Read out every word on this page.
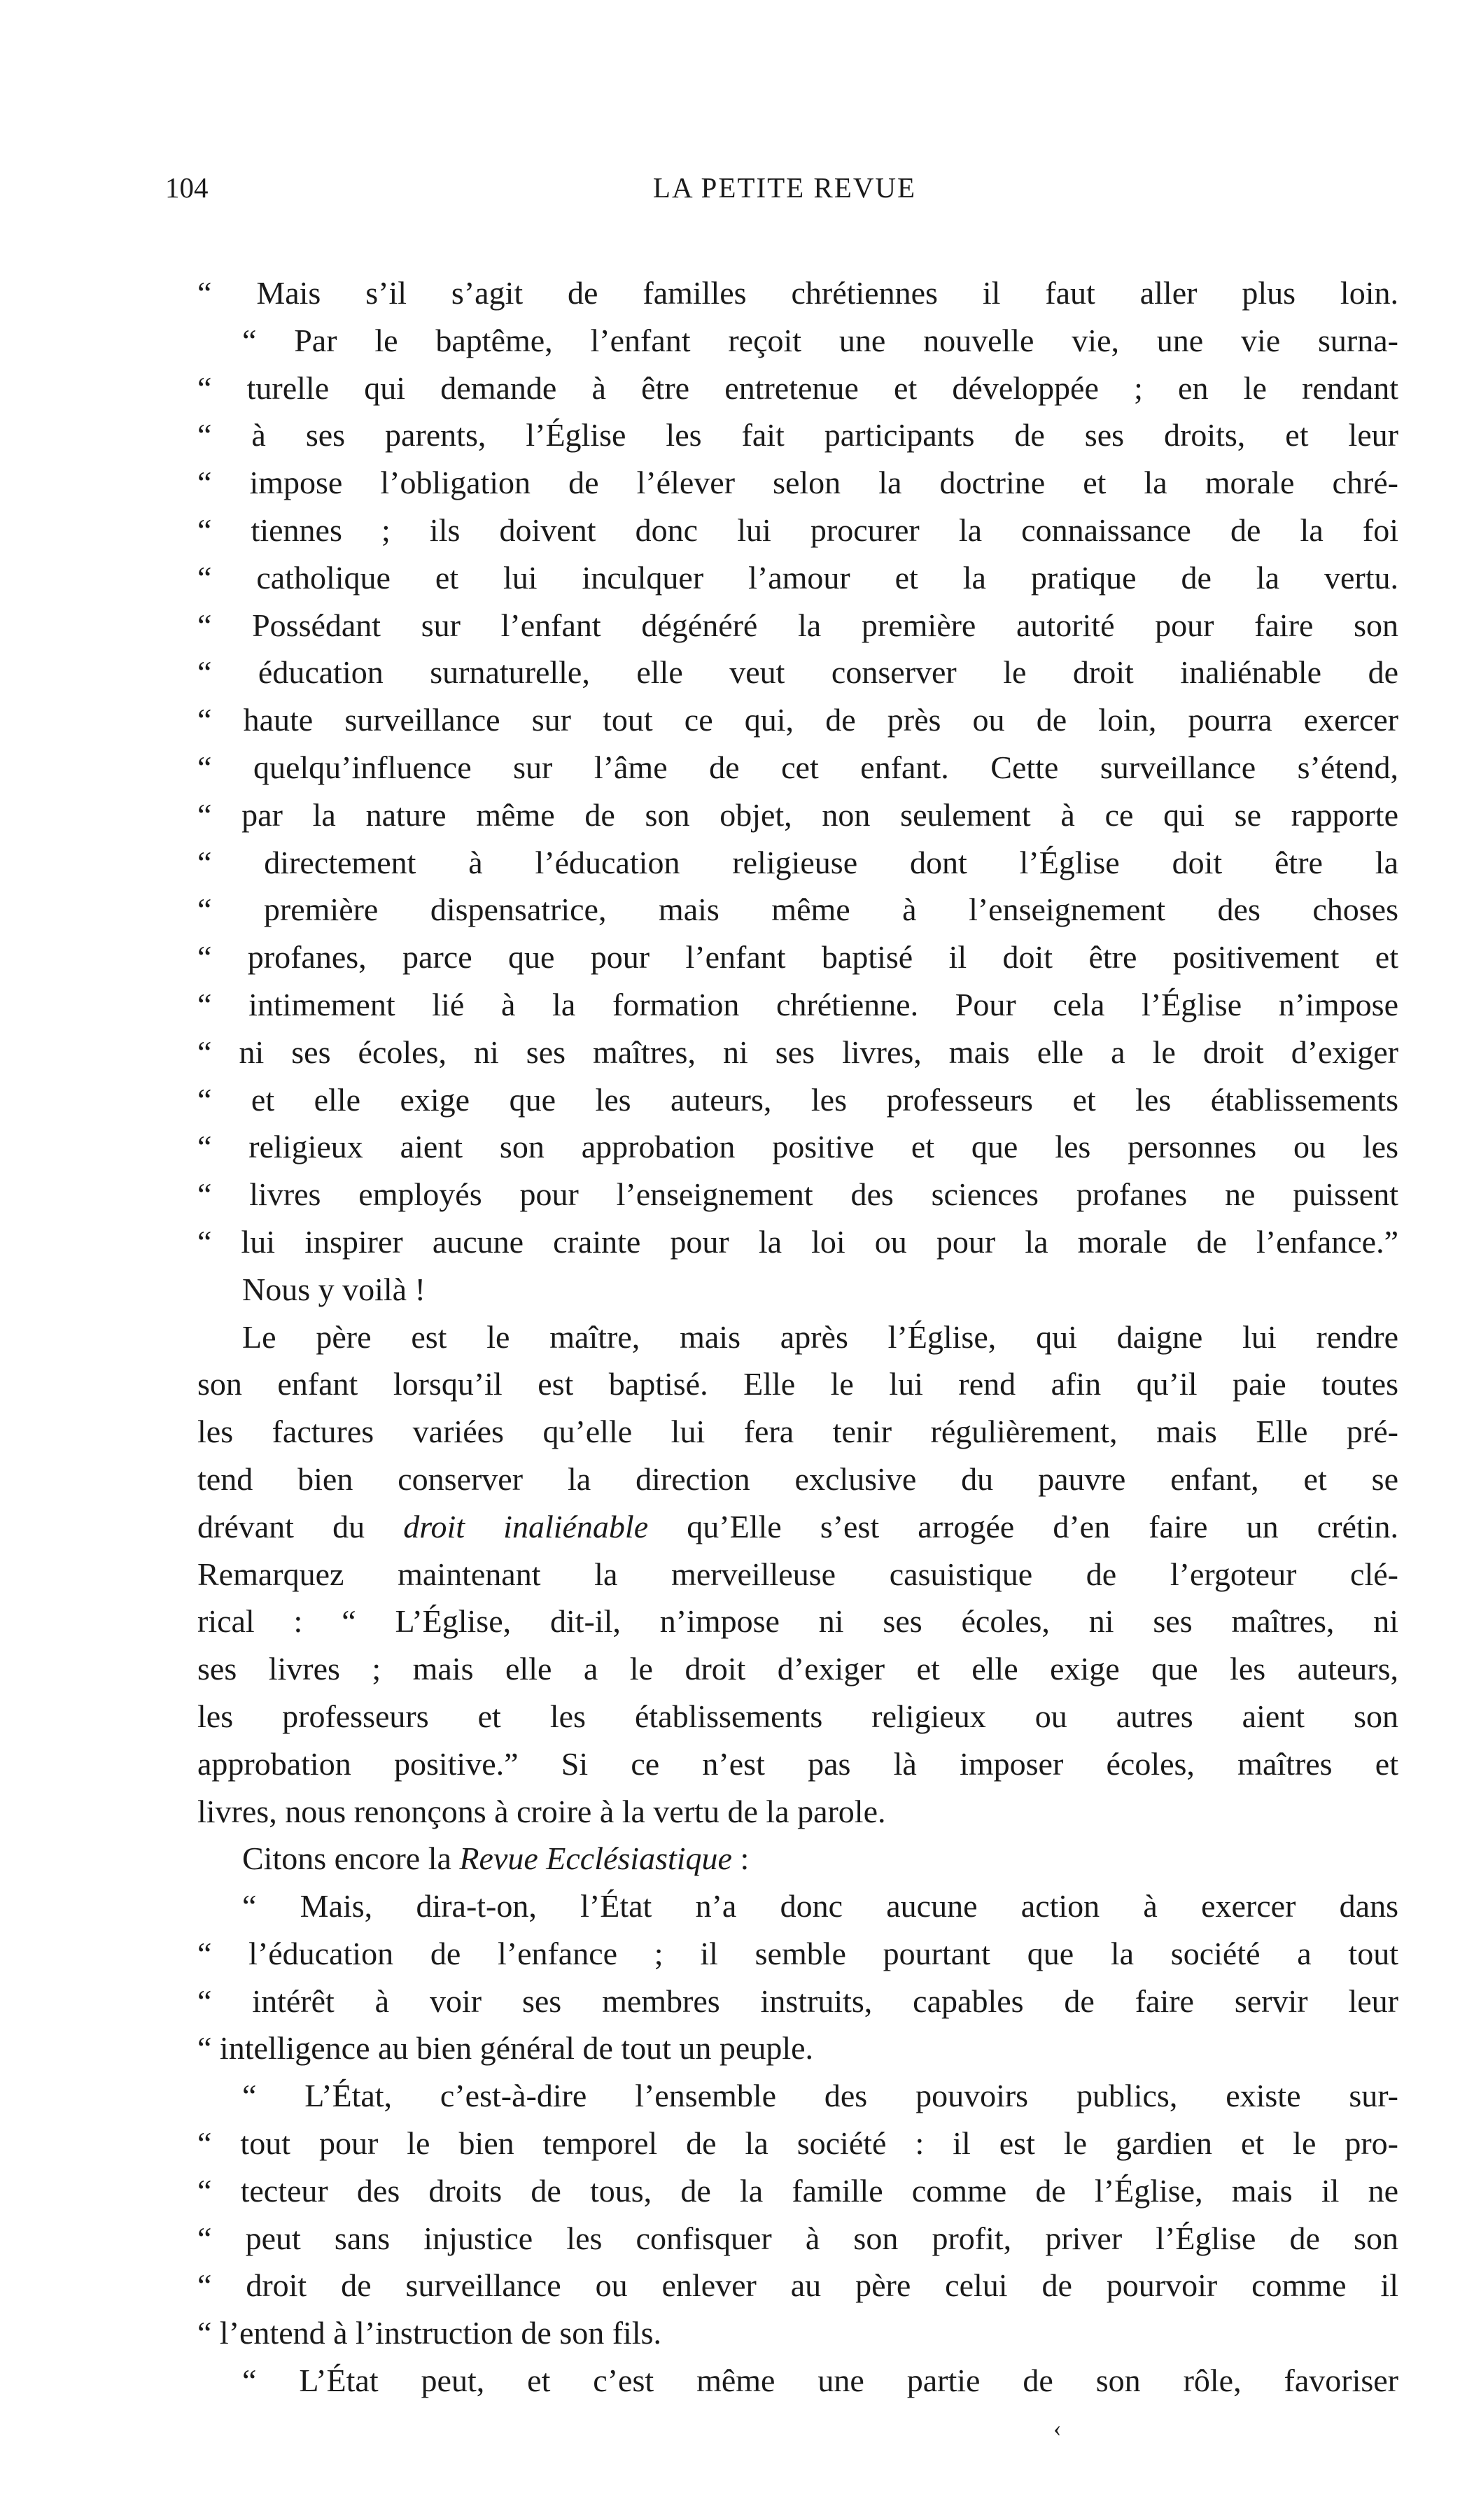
104	LA PETITE REVUE
“ Mais s’il s’agit de familles chrétiennes il faut aller plus loin.
“ Par le baptême, l’enfant reçoit une nouvelle vie, une vie surna-
“ turelle qui demande à être entretenue et développée ; en le rendant
“ à ses parents, l’Église les fait participants de ses droits, et leur
“ impose l’obligation de l’élever selon la doctrine et la morale chré-
“ tiennes ; ils doivent donc lui procurer la connaissance de la foi
“ catholique et lui inculquer l’amour et la pratique de la vertu.
“ Possédant sur l’enfant dégénéré la première autorité pour faire son
“ éducation surnaturelle, elle veut conserver le droit inaliénable de
“ haute surveillance sur tout ce qui, de près ou de loin, pourra exercer
“ quelqu’influence sur l’âme de cet enfant. Cette surveillance s’étend,
“ par la nature même de son objet, non seulement à ce qui se rapporte
“ directement à l’éducation religieuse dont l’Église doit être la
“ première dispensatrice, mais même à l’enseignement des choses
“ profanes, parce que pour l’enfant baptisé il doit être positivement et
“ intimement lié à la formation chrétienne. Pour cela l’Église n’impose
“ ni ses écoles, ni ses maîtres, ni ses livres, mais elle a le droit d’exiger
“ et elle exige que les auteurs, les professeurs et les établissements
“ religieux aient son approbation positive et que les personnes ou les
“ livres employés pour l’enseignement des sciences profanes ne puissent
“ lui inspirer aucune crainte pour la loi ou pour la morale de l’enfance.”
Nous y voilà !
Le père est le maître, mais après l’Église, qui daigne lui rendre
son enfant lorsqu’il est baptisé. Elle le lui rend afin qu’il paie toutes
les factures variées qu’elle lui fera tenir régulièrement, mais Elle pré-
tend bien conserver la direction exclusive du pauvre enfant, et se
drévant du droit inaliénable qu’Elle s’est arrogée d’en faire un crétin.
Remarquez maintenant la merveilleuse casuistique de l’ergoteur clé-
rical : “ L’Église, dit-il, n’impose ni ses écoles, ni ses maîtres, ni
ses livres ; mais elle a le droit d’exiger et elle exige que les auteurs,
les professeurs et les établissements religieux ou autres aient son
approbation positive.” Si ce n’est pas là imposer écoles, maîtres et
livres, nous renonçons à croire à la vertu de la parole.
Citons encore la Revue Ecclésiastique :
“ Mais, dira-t-on, l’État n’a donc aucune action à exercer dans
“ l’éducation de l’enfance ; il semble pourtant que la société a tout
“ intérêt à voir ses membres instruits, capables de faire servir leur
“ intelligence au bien général de tout un peuple.
“ L’État, c’est-à-dire l’ensemble des pouvoirs publics, existe sur-
“ tout pour le bien temporel de la société : il est le gardien et le pro-
“ tecteur des droits de tous, de la famille comme de l’Église, mais il ne
“ peut sans injustice les confisquer à son profit, priver l’Église de son
“ droit de surveillance ou enlever au père celui de pourvoir comme il
“ l’entend à l’instruction de son fils.
“ L’État peut, et c’est même une partie de son rôle, favoriser
‹
